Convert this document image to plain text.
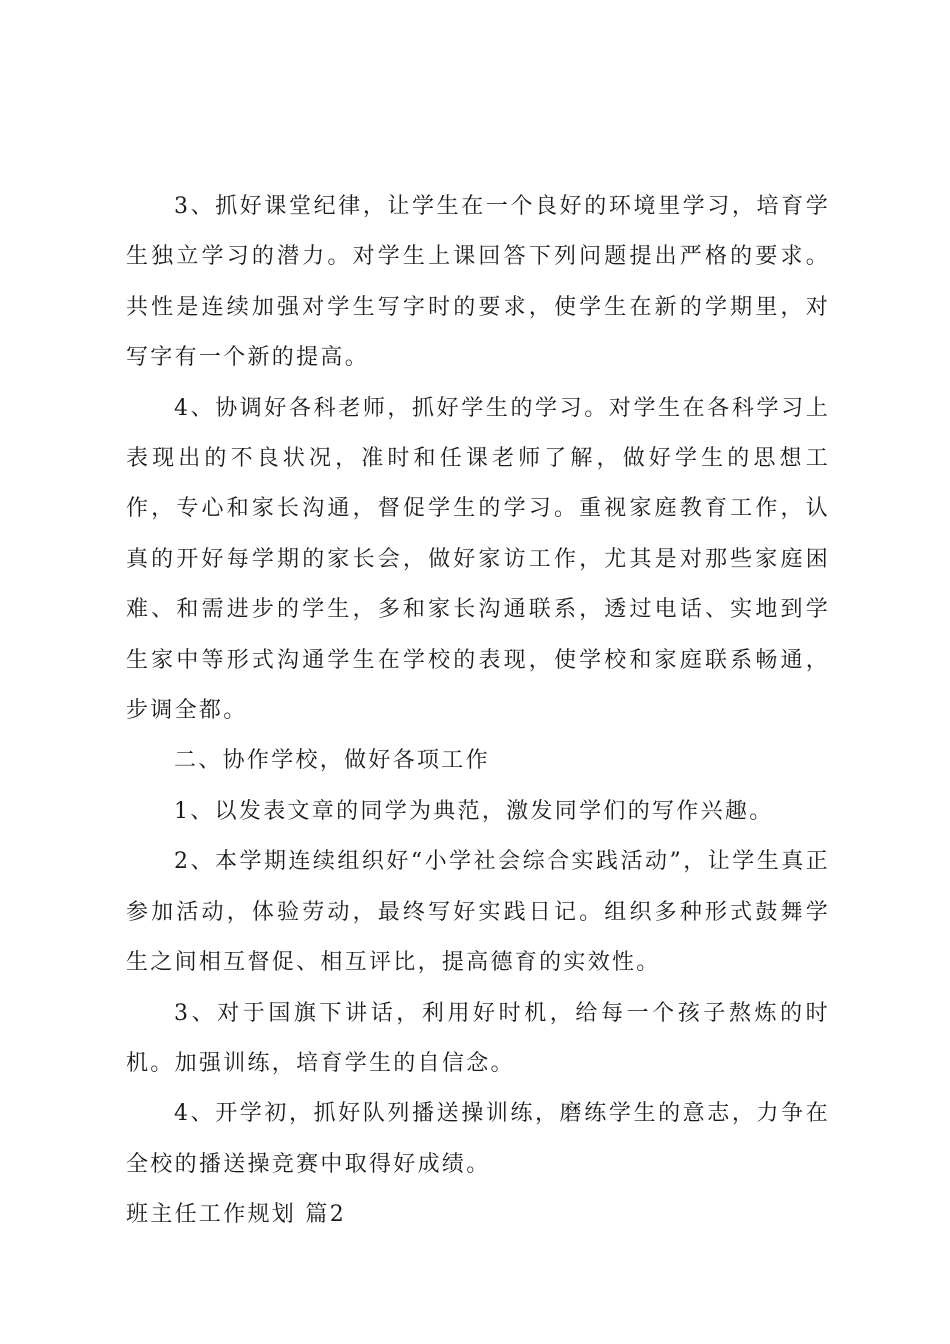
3、抓好课堂纪律，让学生在一个良好的环境里学习，培育学生独立学习的潜力。对学生上课回答下列问题提出严格的要求。共性是连续加强对学生写字时的要求，使学生在新的学期里，对写字有一个新的提高。

4、协调好各科老师，抓好学生的学习。对学生在各科学习上表现出的不良状况，准时和任课老师了解，做好学生的思想工作，专心和家长沟通，督促学生的学习。重视家庭教育工作，认真的开好每学期的家长会，做好家访工作，尤其是对那些家庭困难、和需进步的学生，多和家长沟通联系，透过电话、实地到学生家中等形式沟通学生在学校的表现，使学校和家庭联系畅通，步调全都。

二、协作学校，做好各项工作

1、以发表文章的同学为典范，激发同学们的写作兴趣。

2、本学期连续组织好“小学社会综合实践活动”，让学生真正参加活动，体验劳动，最终写好实践日记。组织多种形式鼓舞学生之间相互督促、相互评比，提高德育的实效性。

3、对于国旗下讲话，利用好时机，给每一个孩子熬炼的时机。加强训练，培育学生的自信念。

4、开学初，抓好队列播送操训练，磨练学生的意志，力争在全校的播送操竞赛中取得好成绩。

班主任工作规划 篇2
